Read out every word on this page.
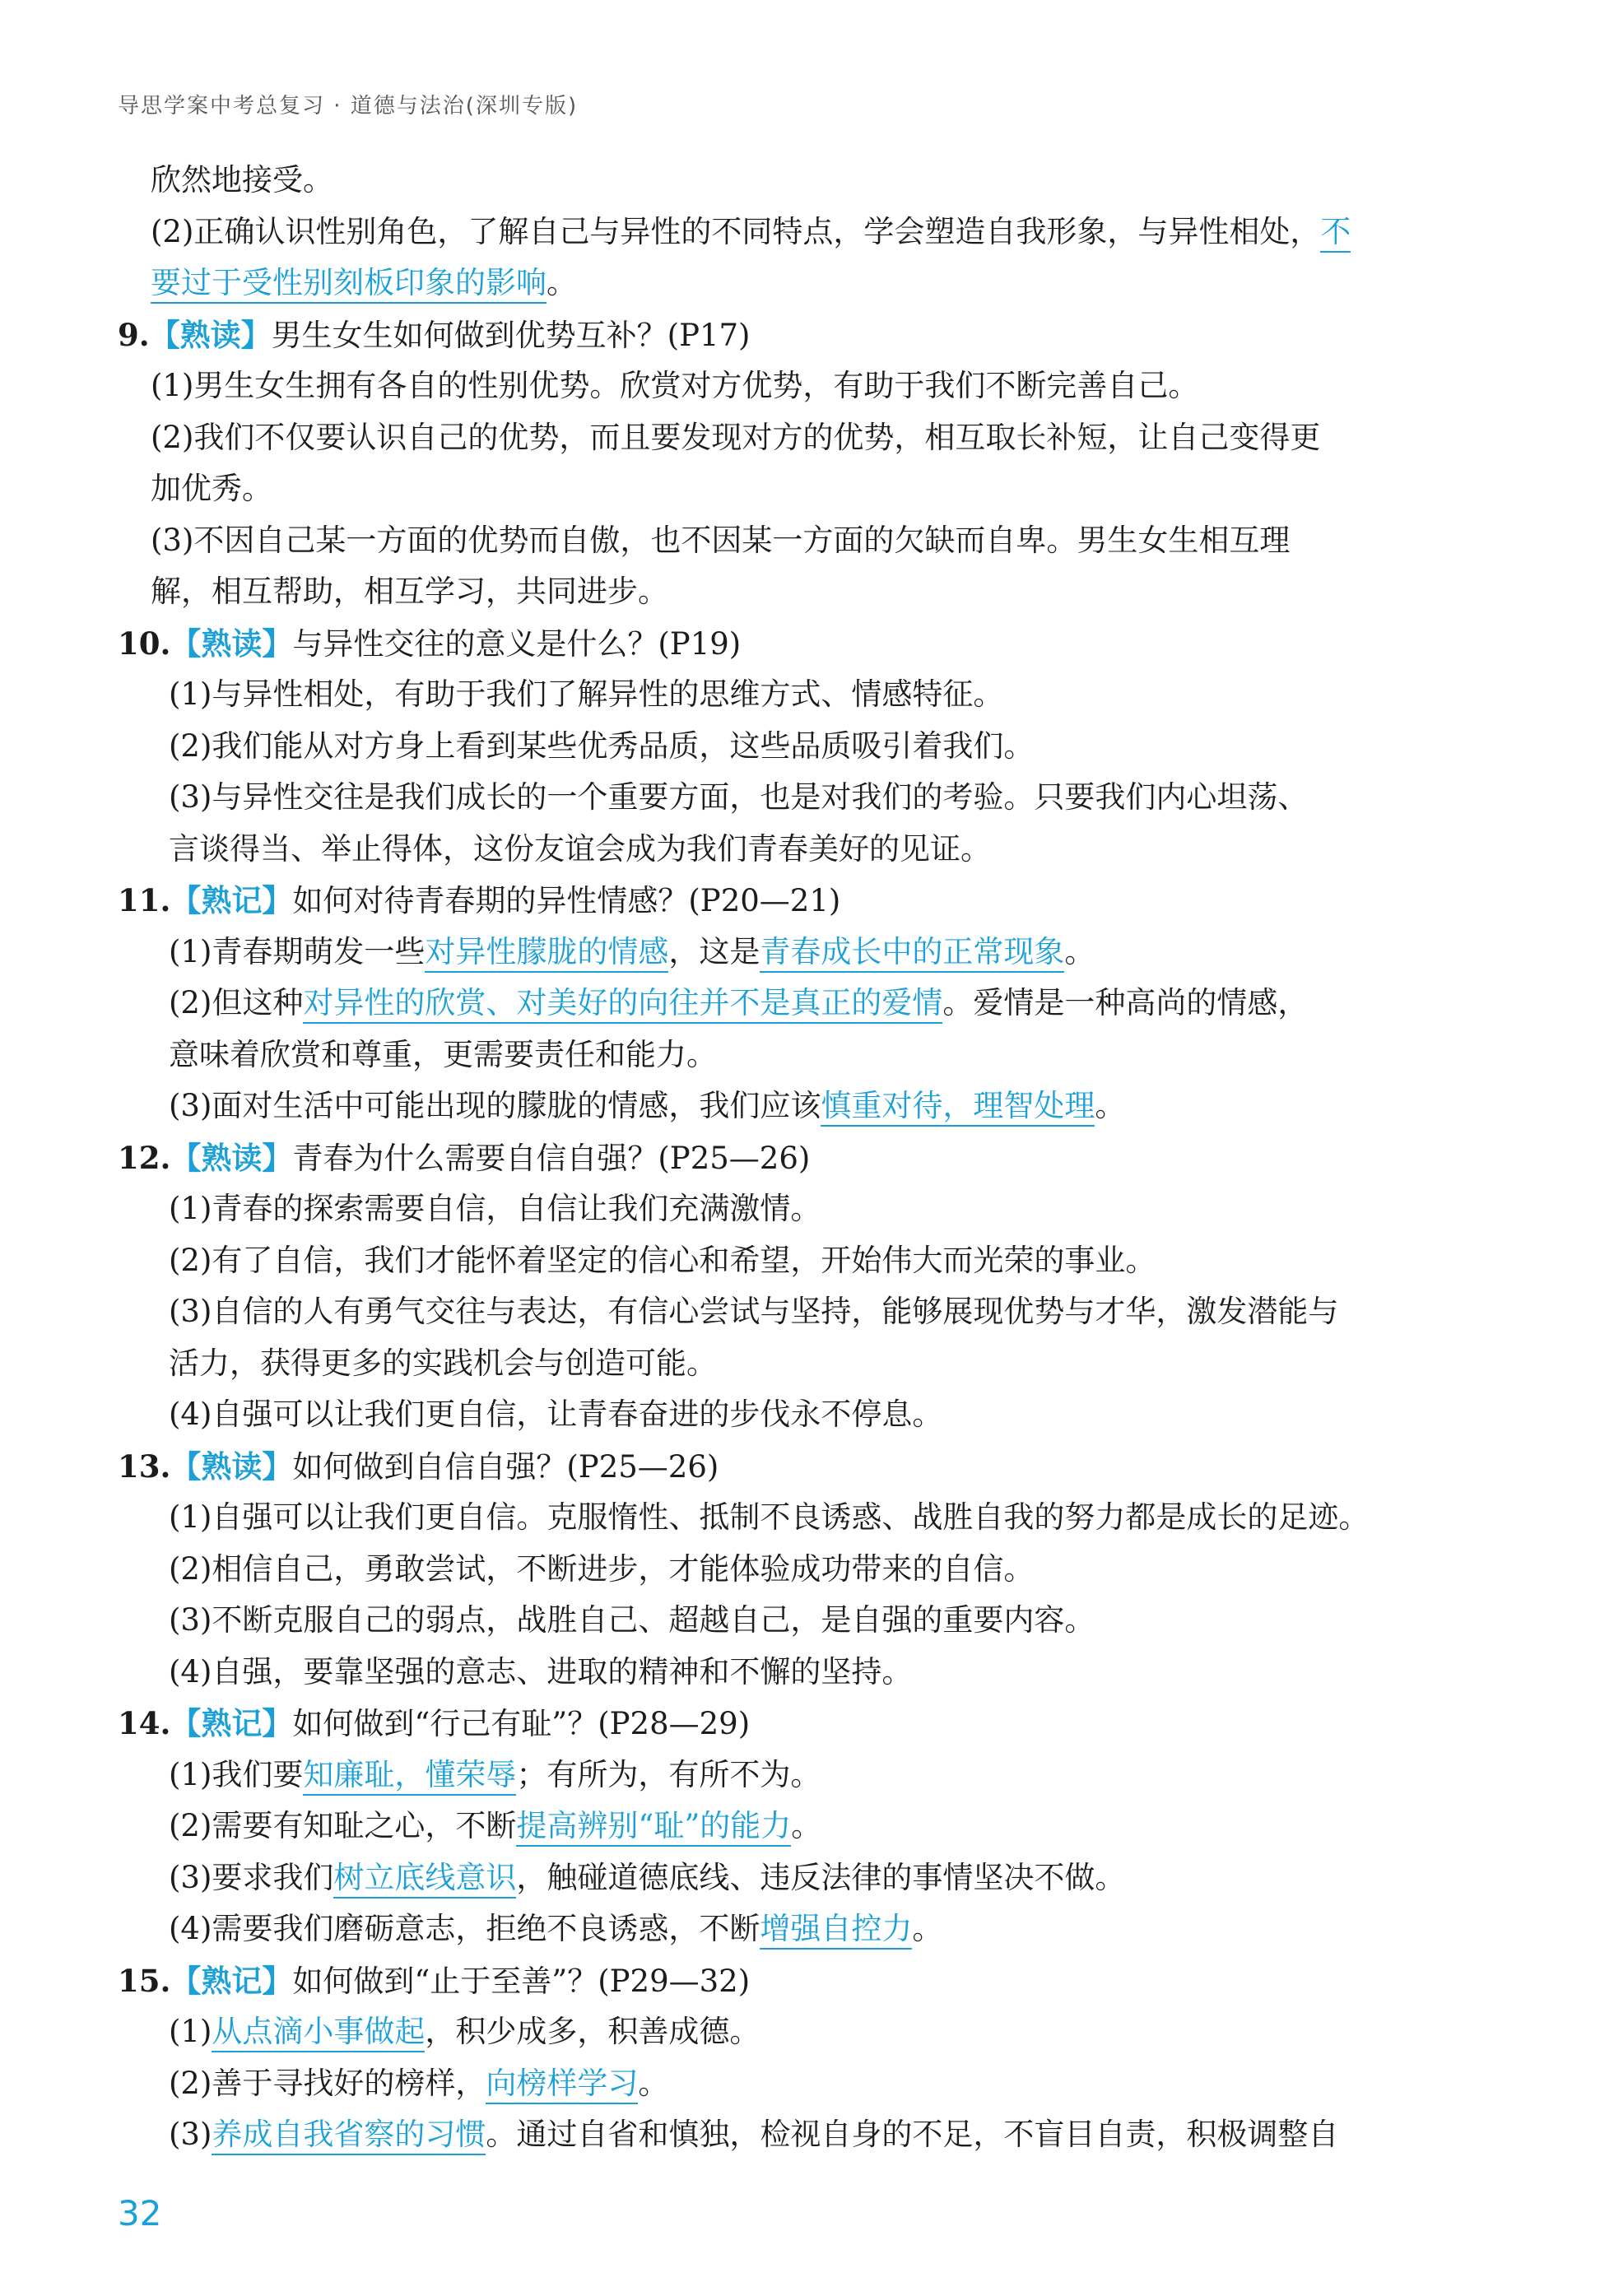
导思学案中考总复习 · 道德与法治(深圳专版)
欣然地接受。
(2)正确认识性别角色，了解自己与异性的不同特点，学会塑造自我形象，与异性相处，不
要过于受性别刻板印象的影响。
9.【熟读】男生女生如何做到优势互补？(P17)
(1)男生女生拥有各自的性别优势。欣赏对方优势，有助于我们不断完善自己。
(2)我们不仅要认识自己的优势，而且要发现对方的优势，相互取长补短，让自己变得更
加优秀。
(3)不因自己某一方面的优势而自傲，也不因某一方面的欠缺而自卑。男生女生相互理
解，相互帮助，相互学习，共同进步。
10.【熟读】与异性交往的意义是什么？(P19)
(1)与异性相处，有助于我们了解异性的思维方式、情感特征。
(2)我们能从对方身上看到某些优秀品质，这些品质吸引着我们。
(3)与异性交往是我们成长的一个重要方面，也是对我们的考验。只要我们内心坦荡、
言谈得当、举止得体，这份友谊会成为我们青春美好的见证。
11.【熟记】如何对待青春期的异性情感？(P20—21)
(1)青春期萌发一些对异性朦胧的情感，这是青春成长中的正常现象。
(2)但这种对异性的欣赏、对美好的向往并不是真正的爱情。爱情是一种高尚的情感，
意味着欣赏和尊重，更需要责任和能力。
(3)面对生活中可能出现的朦胧的情感，我们应该慎重对待，理智处理。
12.【熟读】青春为什么需要自信自强？(P25—26)
(1)青春的探索需要自信，自信让我们充满激情。
(2)有了自信，我们才能怀着坚定的信心和希望，开始伟大而光荣的事业。
(3)自信的人有勇气交往与表达，有信心尝试与坚持，能够展现优势与才华，激发潜能与
活力，获得更多的实践机会与创造可能。
(4)自强可以让我们更自信，让青春奋进的步伐永不停息。
13.【熟读】如何做到自信自强？(P25—26)
(1)自强可以让我们更自信。克服惰性、抵制不良诱惑、战胜自我的努力都是成长的足迹。
(2)相信自己，勇敢尝试，不断进步，才能体验成功带来的自信。
(3)不断克服自己的弱点，战胜自己、超越自己，是自强的重要内容。
(4)自强，要靠坚强的意志、进取的精神和不懈的坚持。
14.【熟记】如何做到“行己有耻”？(P28—29)
(1)我们要知廉耻，懂荣辱；有所为，有所不为。
(2)需要有知耻之心，不断提高辨别“耻”的能力。
(3)要求我们树立底线意识，触碰道德底线、违反法律的事情坚决不做。
(4)需要我们磨砺意志，拒绝不良诱惑，不断增强自控力。
15.【熟记】如何做到“止于至善”？(P29—32)
(1)从点滴小事做起，积少成多，积善成德。
(2)善于寻找好的榜样，向榜样学习。
(3)养成自我省察的习惯。通过自省和慎独，检视自身的不足，不盲目自责，积极调整自
32
